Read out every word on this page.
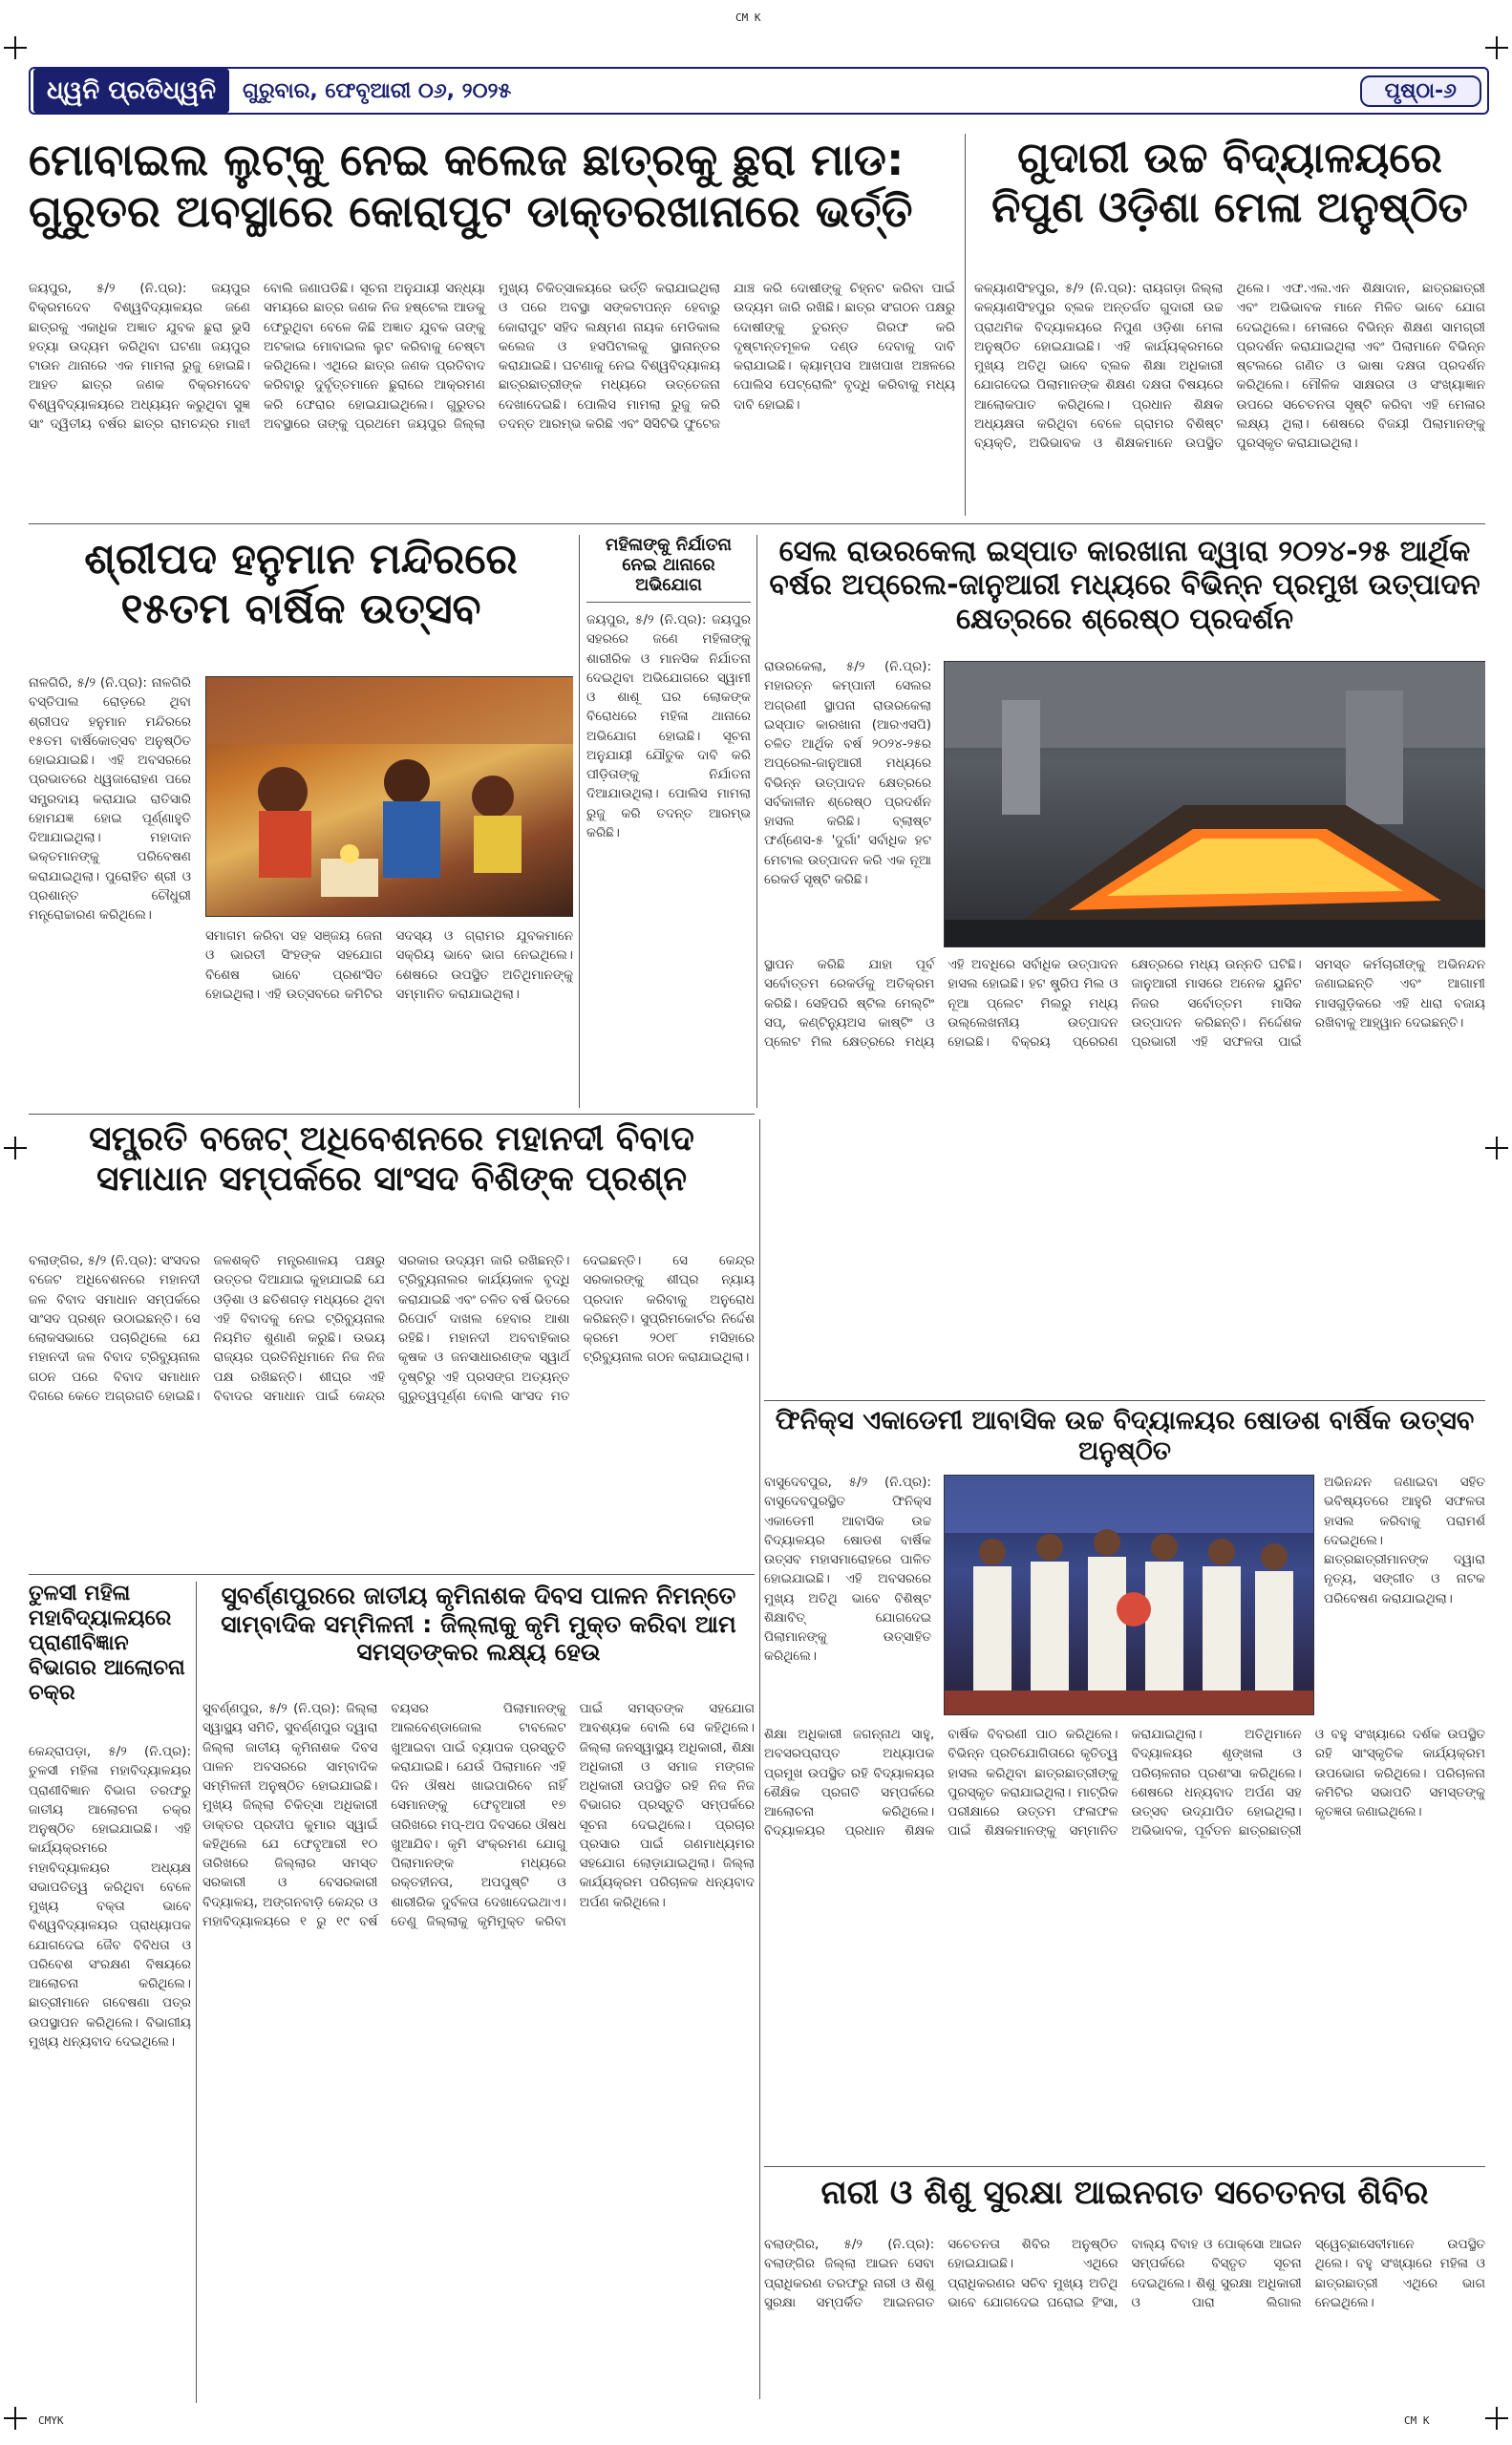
CM K
CMYK	CM K
ଧ୍ୱନି ପ୍ରତିଧ୍ୱନି	ଗୁରୁବାର, ଫେବୃଆରୀ ୦୬, ୨୦୨୫	ପୃଷ୍ଠା-୬
ମୋବାଇଲ ଲୁଟ୍‌କୁ ନେଇ କଲେଜ ଛାତ୍ରକୁ ଛୁରା ମାଡ: ଗୁରୁତର ଅବସ୍ଥାରେ କୋରାପୁଟ ଡାକ୍ତରଖାନାରେ ଭର୍ତ୍ତି
ଜୟପୁର, ୫/୨ (ନି.ପ୍ର): ଜୟପୁର ବିକ୍ରମଦେବ ବିଶ୍ୱବିଦ୍ୟାଳୟର ଜଣେ ଛାତ୍ରକୁ ଏକାଧିକ ଅଜ୍ଞାତ ଯୁବକ ଛୁରା ଭୁସି ହତ୍ୟା ଉଦ୍ୟମ କରିଥିବା ଘଟଣା ଜୟପୁର ଟାଉନ ଥାନାରେ ଏକ ମାମଲା ରୁଜୁ ହୋଇଛି। ଆହତ ଛାତ୍ର ଜଣକ ବିକ୍ରମଦେବ ବିଶ୍ୱବିଦ୍ୟାଳୟରେ ଅଧ୍ୟୟନ କରୁଥିବା ସୁଜ୍ଞ ସାଂ ଦ୍ୱିତୀୟ ବର୍ଷର ଛାତ୍ର ରାମଚନ୍ଦ୍ର ମାଝୀ ବୋଲି ଜଣାପଡିଛି। ସୂଚନା ଅନୁଯାୟୀ ସନ୍ଧ୍ୟା ସମୟରେ ଛାତ୍ର ଜଣକ ନିଜ ହଷ୍ଟେଲ ଆଡକୁ ଫେରୁଥିବା ବେଳେ କିଛି ଅଜ୍ଞାତ ଯୁବକ ତାଙ୍କୁ ଅଟକାଇ ମୋବାଇଲ ଲୁଟ କରିବାକୁ ଚେଷ୍ଟା କରିଥିଲେ। ଏଥିରେ ଛାତ୍ର ଜଣକ ପ୍ରତିବାଦ କରିବାରୁ ଦୁର୍ବୃତ୍ତମାନେ ଛୁରାରେ ଆକ୍ରମଣ କରି ଫେରାର ହୋଇଯାଇଥିଲେ। ଗୁରୁତର ଅବସ୍ଥାରେ ତାଙ୍କୁ ପ୍ରଥମେ ଜୟପୁର ଜିଲ୍ଲା ମୁଖ୍ୟ ଚିକିତ୍ସାଳୟରେ ଭର୍ତ୍ତି କରାଯାଇଥିଲା ଓ ପରେ ଅବସ୍ଥା ସଙ୍କଟାପନ୍ନ ହେବାରୁ କୋରାପୁଟ ସହିଦ ଲକ୍ଷ୍ମଣ ନାୟକ ମେଡିକାଲ କଲେଜ ଓ ହସପିଟାଲକୁ ସ୍ଥାନାନ୍ତର କରାଯାଇଛି। ଘଟଣାକୁ ନେଇ ବିଶ୍ୱବିଦ୍ୟାଳୟ ଛାତ୍ରଛାତ୍ରୀଙ୍କ ମଧ୍ୟରେ ଉତ୍ତେଜନା ଦେଖାଦେଇଛି। ପୋଲିସ ମାମଲା ରୁଜୁ କରି ତଦନ୍ତ ଆରମ୍ଭ କରିଛି ଏବଂ ସିସିଟିଭି ଫୁଟେଜ ଯାଞ୍ଚ କରି ଦୋଷୀଙ୍କୁ ଚିହ୍ନଟ କରିବା ପାଇଁ ଉଦ୍ୟମ ଜାରି ରଖିଛି। ଛାତ୍ର ସଂଗଠନ ପକ୍ଷରୁ ଦୋଷୀଙ୍କୁ ତୁରନ୍ତ ଗିରଫ କରି ଦୃଷ୍ଟାନ୍ତମୂଳକ ଦଣ୍ଡ ଦେବାକୁ ଦାବି କରାଯାଇଛି। କ୍ୟାମ୍ପସ ଆଖପାଖ ଅଞ୍ଚଳରେ ପୋଲିସ ପେଟ୍ରୋଲିଂ ବୃଦ୍ଧି କରିବାକୁ ମଧ୍ୟ ଦାବି ହୋଇଛି।
ଗୁଦାରୀ ଉଚ୍ଚ ବିଦ୍ୟାଳୟରେ ନିପୁଣ ଓଡ଼ିଶା ମେଳା ଅନୁଷ୍ଠିତ
କଳ୍ୟାଣସିଂହପୁର, ୫/୨ (ନି.ପ୍ର): ରାୟଗଡ଼ା ଜିଲ୍ଲା କଳ୍ୟାଣସିଂହପୁର ବ୍ଲକ ଅନ୍ତର୍ଗତ ଗୁଦାରୀ ଉଚ୍ଚ ପ୍ରାଥମିକ ବିଦ୍ୟାଳୟରେ ନିପୁଣ ଓଡ଼ିଶା ମେଳା ଅନୁଷ୍ଠିତ ହୋଇଯାଇଛି। ଏହି କାର୍ଯ୍ୟକ୍ରମରେ ମୁଖ୍ୟ ଅତିଥି ଭାବେ ବ୍ଲକ ଶିକ୍ଷା ଅଧିକାରୀ ଯୋଗଦେଇ ପିଲାମାନଙ୍କ ଶିକ୍ଷଣ ଦକ୍ଷତା ବିଷୟରେ ଆଲୋକପାତ କରିଥିଲେ। ପ୍ରଧାନ ଶିକ୍ଷକ ଅଧ୍ୟକ୍ଷତା କରିଥିବା ବେଳେ ଗ୍ରାମର ବିଶିଷ୍ଟ ବ୍ୟକ୍ତି, ଅଭିଭାବକ ଓ ଶିକ୍ଷକମାନେ ଉପସ୍ଥିତ ଥିଲେ। ଏଫ.ଏଲ.ଏନ ଶିକ୍ଷାଦାନ, ଛାତ୍ରଛାତ୍ରୀ ଏବଂ ଅଭିଭାବକ ମାନେ ମିଳିତ ଭାବେ ଯୋଗ ଦେଇଥିଲେ। ମେଳାରେ ବିଭିନ୍ନ ଶିକ୍ଷଣ ସାମଗ୍ରୀ ପ୍ରଦର୍ଶନ କରାଯାଇଥିଲା ଏବଂ ପିଲାମାନେ ବିଭିନ୍ନ ଷ୍ଟଲରେ ଗଣିତ ଓ ଭାଷା ଦକ୍ଷତା ପ୍ରଦର୍ଶନ କରିଥିଲେ। ମୌଳିକ ସାକ୍ଷରତା ଓ ସଂଖ୍ୟାଜ୍ଞାନ ଉପରେ ସଚେତନତା ସୃଷ୍ଟି କରିବା ଏହି ମେଳାର ଲକ୍ଷ୍ୟ ଥିଲା। ଶେଷରେ ବିଜୟୀ ପିଲାମାନଙ୍କୁ ପୁରସ୍କୃତ କରାଯାଇଥିଲା।
ଶ୍ରୀପଦ ହନୁମାନ ମନ୍ଦିରରେ ୧୫ତମ ବାର୍ଷିକ ଉତ୍ସବ
ନାଳଗିରି, ୫/୨ (ନି.ପ୍ର): ନାଳଗିରି ବସ୍ତିପାଲ ରୋଡ଼ରେ ଥିବା ଶ୍ରୀପଦ ହନୁମାନ ମନ୍ଦିରରେ ୧୫ତମ ବାର୍ଷିକୋତ୍ସବ ଅନୁଷ୍ଠିତ ହୋଇଯାଇଛି। ଏହି ଅବସରରେ ପ୍ରଭାତରେ ଧ୍ୱଜାରୋହଣ ପରେ ସମ୍ପ୍ରଦାୟ କରାଯାଇ ରାତିସାରି ହୋମଯଜ୍ଞ ହୋଇ ପୂର୍ଣ୍ଣାହୁତି ଦିଆଯାଇଥିଲା। ମହାଦାନ ଭକ୍ତମାନଙ୍କୁ ପରିବେଷଣ କରାଯାଇଥିଲା। ପୁରୋହିତ ଶ୍ରୀ ଓ ପ୍ରଶାନ୍ତ ଚୌଧୁରୀ ମନ୍ତ୍ରୋଚ୍ଚାରଣ କରିଥିଲେ।
ସମାଗମ କରିବା ସହ ସଞ୍ଜୟ ଜେନା ଓ ଭାରତୀ ସିଂହଙ୍କ ସହଯୋଗ ବିଶେଷ ଭାବେ ପ୍ରଶଂସିତ ହୋଇଥିଲା। ଏହି ଉତ୍ସବରେ କମିଟିର ସଦସ୍ୟ ଓ ଗ୍ରାମର ଯୁବକମାନେ ସକ୍ରିୟ ଭାବେ ଭାଗ ନେଇଥିଲେ। ଶେଷରେ ଉପସ୍ଥିତ ଅତିଥିମାନଙ୍କୁ ସମ୍ମାନିତ କରାଯାଇଥିଲା।
ମହିଳାଙ୍କୁ ନିର୍ଯାତନା ନେଇ ଥାନାରେ ଅଭିଯୋଗ
ଜୟପୁର, ୫/୨ (ନି.ପ୍ର): ଜୟପୁର ସହରରେ ଜଣେ ମହିଳାଙ୍କୁ ଶାରୀରିକ ଓ ମାନସିକ ନିର୍ଯାତନା ଦେଇଥିବା ଅଭିଯୋଗରେ ସ୍ୱାମୀ ଓ ଶାଶୂ ଘର ଲୋକଙ୍କ ବିରୋଧରେ ମହିଳା ଥାନାରେ ଅଭିଯୋଗ ହୋଇଛି। ସୂଚନା ଅନୁଯାୟୀ ଯୌତୁକ ଦାବି କରି ପୀଡ଼ିତାଙ୍କୁ ନିର୍ଯାତନା ଦିଆଯାଉଥିଲା। ପୋଲିସ ମାମଲା ରୁଜୁ କରି ତଦନ୍ତ ଆରମ୍ଭ କରିଛି।
ସେଲ ରାଉରକେଲା ଇସ୍ପାତ କାରଖାନା ଦ୍ୱାରା ୨୦୨୪-୨୫ ଆର୍ଥିକ ବର୍ଷର ଅପ୍ରେଲ-ଜାନୁଆରୀ ମଧ୍ୟରେ ବିଭିନ୍ନ ପ୍ରମୁଖ ଉତ୍ପାଦନ କ୍ଷେତ୍ରରେ ଶ୍ରେଷ୍ଠ ପ୍ରଦର୍ଶନ
ରାଉରକେଲା, ୫/୨ (ନି.ପ୍ର): ମହାରତ୍ନ କମ୍ପାନୀ ସେଲର ଅଗ୍ରଣୀ ସ୍ଥାପନା ରାଉରକେଲା ଇସ୍ପାତ କାରଖାନା (ଆରଏସପି) ଚଳିତ ଆର୍ଥିକ ବର୍ଷ ୨୦୨୪-୨୫ର ଅପ୍ରେଲ-ଜାନୁଆରୀ ମଧ୍ୟରେ ବିଭିନ୍ନ ଉତ୍ପାଦନ କ୍ଷେତ୍ରରେ ସର୍ବକାଳୀନ ଶ୍ରେଷ୍ଠ ପ୍ରଦର୍ଶନ ହାସଲ କରିଛି। ବ୍ଲାଷ୍ଟ ଫର୍ଣ୍ଣେସ-୫ 'ଦୁର୍ଗା' ସର୍ବାଧିକ ହଟ ମେଟାଲ ଉତ୍ପାଦନ କରି ଏକ ନୂଆ ରେକର୍ଡ ସୃଷ୍ଟି କରିଛି।
ସ୍ଥାପନ କରିଛି ଯାହା ପୂର୍ବ ସର୍ବୋତ୍ତମ ରେକର୍ଡକୁ ଅତିକ୍ରମ କରିଛି। ସେହିପରି ଷ୍ଟିଲ ମେଲ୍ଟିଂ ସପ୍, କଣ୍ଟିନ୍ୟୁଅସ କାଷ୍ଟିଂ ଓ ପ୍ଲେଟ ମିଲ କ୍ଷେତ୍ରରେ ମଧ୍ୟ ଏହି ଅବଧିରେ ସର୍ବାଧିକ ଉତ୍ପାଦନ ହାସଲ ହୋଇଛି। ହଟ ଷ୍ଟ୍ରିପ ମିଲ ଓ ନୂଆ ପ୍ଲେଟ ମିଲରୁ ମଧ୍ୟ ଉଲ୍ଲେଖନୀୟ ଉତ୍ପାଦନ ହୋଇଛି। ବିକ୍ରୟ ପ୍ରେରଣ କ୍ଷେତ୍ରରେ ମଧ୍ୟ ଉନ୍ନତି ଘଟିଛି। ଜାନୁଆରୀ ମାସରେ ଅନେକ ୟୁନିଟ ନିଜର ସର୍ବୋତ୍ତମ ମାସିକ ଉତ୍ପାଦନ କରିଛନ୍ତି। ନିର୍ଦ୍ଦେଶକ ପ୍ରଭାରୀ ଏହି ସଫଳତା ପାଇଁ ସମସ୍ତ କର୍ମଚାରୀଙ୍କୁ ଅଭିନନ୍ଦନ ଜଣାଇଛନ୍ତି ଏବଂ ଆଗାମୀ ମାସଗୁଡ଼ିକରେ ଏହି ଧାରା ବଜାୟ ରଖିବାକୁ ଆହ୍ୱାନ ଦେଇଛନ୍ତି।
ସମ୍ପ୍ରତି ବଜେଟ୍ ଅଧିବେଶନରେ ମହାନଦୀ ବିବାଦ ସମାଧାନ ସମ୍ପର୍କରେ ସାଂସଦ ବିଶିଙ୍କ ପ୍ରଶ୍ନ
ବଲାଙ୍ଗିର, ୫/୨ (ନି.ପ୍ର): ସଂସଦର ବଜେଟ ଅଧିବେଶନରେ ମହାନଦୀ ଜଳ ବିବାଦ ସମାଧାନ ସମ୍ପର୍କରେ ସାଂସଦ ପ୍ରଶ୍ନ ଉଠାଇଛନ୍ତି। ସେ ଲୋକସଭାରେ ପଚାରିଥିଲେ ଯେ ମହାନଦୀ ଜଳ ବିବାଦ ଟ୍ରିବ୍ୟୁନାଲ ଗଠନ ପରେ ବିବାଦ ସମାଧାନ ଦିଗରେ କେତେ ଅଗ୍ରଗତି ହୋଇଛି। ଜଳଶକ୍ତି ମନ୍ତ୍ରଣାଳୟ ପକ୍ଷରୁ ଉତ୍ତର ଦିଆଯାଇ କୁହାଯାଇଛି ଯେ ଓଡ଼ିଶା ଓ ଛତିଶଗଡ଼ ମଧ୍ୟରେ ଥିବା ଏହି ବିବାଦକୁ ନେଇ ଟ୍ରିବ୍ୟୁନାଲ ନିୟମିତ ଶୁଣାଣି କରୁଛି। ଉଭୟ ରାଜ୍ୟର ପ୍ରତିନିଧିମାନେ ନିଜ ନିଜ ପକ୍ଷ ରଖିଛନ୍ତି। ଶୀଘ୍ର ଏହି ବିବାଦର ସମାଧାନ ପାଇଁ କେନ୍ଦ୍ର ସରକାର ଉଦ୍ୟମ ଜାରି ରଖିଛନ୍ତି। ଟ୍ରିବ୍ୟୁନାଲର କାର୍ଯ୍ୟକାଳ ବୃଦ୍ଧି କରାଯାଇଛି ଏବଂ ଚଳିତ ବର୍ଷ ଭିତରେ ରିପୋର୍ଟ ଦାଖଲ ହେବାର ଆଶା ରହିଛି। ମହାନଦୀ ଅବବାହିକାର କୃଷକ ଓ ଜନସାଧାରଣଙ୍କ ସ୍ୱାର୍ଥ ଦୃଷ୍ଟିରୁ ଏହି ପ୍ରସଙ୍ଗ ଅତ୍ୟନ୍ତ ଗୁରୁତ୍ୱପୂର୍ଣ୍ଣ ବୋଲି ସାଂସଦ ମତ ଦେଇଛନ୍ତି। ସେ କେନ୍ଦ୍ର ସରକାରଙ୍କୁ ଶୀଘ୍ର ନ୍ୟାୟ ପ୍ରଦାନ କରିବାକୁ ଅନୁରୋଧ କରିଛନ୍ତି। ସୁପ୍ରିମକୋର୍ଟର ନିର୍ଦ୍ଦେଶ କ୍ରମେ ୨୦୧୮ ମସିହାରେ ଟ୍ରିବ୍ୟୁନାଲ ଗଠନ କରାଯାଇଥିଲା।
ଫିନିକ୍ସ ଏକାଡେମୀ ଆବାସିକ ଉଚ୍ଚ ବିଦ୍ୟାଳୟର ଷୋଡଶ ବାର୍ଷିକ ଉତ୍ସବ ଅନୁଷ୍ଠିତ
ବାସୁଦେବପୁର, ୫/୨ (ନି.ପ୍ର): ବାସୁଦେବପୁରସ୍ଥିତ ଫିନିକ୍ସ ଏକାଡେମୀ ଆବାସିକ ଉଚ୍ଚ ବିଦ୍ୟାଳୟର ଷୋଡଶ ବାର୍ଷିକ ଉତ୍ସବ ମହାସମାରୋହରେ ପାଳିତ ହୋଇଯାଇଛି। ଏହି ଅବସରରେ ମୁଖ୍ୟ ଅତିଥି ଭାବେ ବିଶିଷ୍ଟ ଶିକ୍ଷାବିତ୍ ଯୋଗଦେଇ ପିଲାମାନଙ୍କୁ ଉତ୍ସାହିତ କରିଥିଲେ।
ଅଭିନନ୍ଦନ ଜଣାଇବା ସହିତ ଭବିଷ୍ୟତରେ ଆହୁରି ସଫଳତା ହାସଲ କରିବାକୁ ପରାମର୍ଶ ଦେଇଥିଲେ। ଛାତ୍ରଛାତ୍ରୀମାନଙ୍କ ଦ୍ୱାରା ନୃତ୍ୟ, ସଙ୍ଗୀତ ଓ ନାଟକ ପରିବେଷଣ କରାଯାଇଥିଲା।
ଶିକ୍ଷା ଅଧିକାରୀ ଜଗନ୍ନାଥ ସାହୁ, ଅବସରପ୍ରାପ୍ତ ଅଧ୍ୟାପକ ପ୍ରମୁଖ ଉପସ୍ଥିତ ରହି ବିଦ୍ୟାଳୟର ଶୈକ୍ଷିକ ପ୍ରଗତି ସମ୍ପର୍କରେ ଆଲୋଚନା କରିଥିଲେ। ବିଦ୍ୟାଳୟର ପ୍ରଧାନ ଶିକ୍ଷକ ବାର୍ଷିକ ବିବରଣୀ ପାଠ କରିଥିଲେ। ବିଭିନ୍ନ ପ୍ରତିଯୋଗିତାରେ କୃତିତ୍ୱ ହାସଲ କରିଥିବା ଛାତ୍ରଛାତ୍ରୀଙ୍କୁ ପୁରସ୍କୃତ କରାଯାଇଥିଲା। ମାଟ୍ରିକ ପରୀକ୍ଷାରେ ଉତ୍ତମ ଫଳାଫଳ ପାଇଁ ଶିକ୍ଷକମାନଙ୍କୁ ସମ୍ମାନିତ କରାଯାଇଥିଲା। ଅତିଥିମାନେ ବିଦ୍ୟାଳୟର ଶୃଙ୍ଖଳା ଓ ପରିଚାଳନାର ପ୍ରଶଂସା କରିଥିଲେ। ଶେଷରେ ଧନ୍ୟବାଦ ଅର୍ପଣ ସହ ଉତ୍ସବ ଉଦ୍ଯାପିତ ହୋଇଥିଲା। ଅଭିଭାବକ, ପୂର୍ବତନ ଛାତ୍ରଛାତ୍ରୀ ଓ ବହୁ ସଂଖ୍ୟାରେ ଦର୍ଶକ ଉପସ୍ଥିତ ରହି ସାଂସ୍କୃତିକ କାର୍ଯ୍ୟକ୍ରମ ଉପଭୋଗ କରିଥିଲେ। ପରିଚାଳନା କମିଟିର ସଭାପତି ସମସ୍ତଙ୍କୁ କୃତଜ୍ଞତା ଜଣାଇଥିଲେ।
ତୁଳସୀ ମହିଳା ମହାବିଦ୍ୟାଳୟରେ ପ୍ରାଣୀବିଜ୍ଞାନ ବିଭାଗର ଆଲୋଚନା ଚକ୍ର
କେନ୍ଦ୍ରାପଡ଼ା, ୫/୨ (ନି.ପ୍ର): ତୁଳସୀ ମହିଳା ମହାବିଦ୍ୟାଳୟର ପ୍ରାଣୀବିଜ୍ଞାନ ବିଭାଗ ତରଫରୁ ଜାତୀୟ ଆଲୋଚନା ଚକ୍ର ଅନୁଷ୍ଠିତ ହୋଇଯାଇଛି। ଏହି କାର୍ଯ୍ୟକ୍ରମରେ ମହାବିଦ୍ୟାଳୟର ଅଧ୍ୟକ୍ଷ ସଭାପତିତ୍ୱ କରିଥିବା ବେଳେ ମୁଖ୍ୟ ବକ୍ତା ଭାବେ ବିଶ୍ୱବିଦ୍ୟାଳୟର ପ୍ରାଧ୍ୟାପକ ଯୋଗଦେଇ ଜୈବ ବିବିଧତା ଓ ପରିବେଶ ସଂରକ୍ଷଣ ବିଷୟରେ ଆଲୋଚନା କରିଥିଲେ। ଛାତ୍ରୀମାନେ ଗବେଷଣା ପତ୍ର ଉପସ୍ଥାପନ କରିଥିଲେ। ବିଭାଗୀୟ ମୁଖ୍ୟ ଧନ୍ୟବାଦ ଦେଇଥିଲେ।
ସୁବର୍ଣ୍ଣପୁରରେ ଜାତୀୟ କୃମିନାଶକ ଦିବସ ପାଳନ ନିମନ୍ତେ ସାମ୍ବାଦିକ ସମ୍ମିଳନୀ : ଜିଲ୍ଲାକୁ କୃମି ମୁକ୍ତ କରିବା ଆମ ସମସ୍ତଙ୍କର ଲକ୍ଷ୍ୟ ହେଉ
ସୁବର୍ଣ୍ଣପୁର, ୫/୨ (ନି.ପ୍ର): ଜିଲ୍ଲା ସ୍ୱାସ୍ଥ୍ୟ ସମିତି, ସୁବର୍ଣ୍ଣପୁର ଦ୍ୱାରା ଜିଲ୍ଲା ଜାତୀୟ କୃମିନାଶକ ଦିବସ ପାଳନ ଅବସରରେ ସାମ୍ବାଦିକ ସମ୍ମିଳନୀ ଅନୁଷ୍ଠିତ ହୋଇଯାଇଛି। ମୁଖ୍ୟ ଜିଲ୍ଲା ଚିକିତ୍ସା ଅଧିକାରୀ ଡାକ୍ତର ପ୍ରଦୀପ କୁମାର ସ୍ୱାଇଁ କହିଥିଲେ ଯେ ଫେବୃଆରୀ ୧୦ ତାରିଖରେ ଜିଲ୍ଲାର ସମସ୍ତ ସରକାରୀ ଓ ବେସରକାରୀ ବିଦ୍ୟାଳୟ, ଅଙ୍ଗନବାଡ଼ି କେନ୍ଦ୍ର ଓ ମହାବିଦ୍ୟାଳୟରେ ୧ ରୁ ୧୯ ବର୍ଷ ବୟସର ପିଲାମାନଙ୍କୁ ଆଲବେଣ୍ଡାଜୋଲ ଟାବଲେଟ ଖୁଆଇବା ପାଇଁ ବ୍ୟାପକ ପ୍ରସ୍ତୁତି କରାଯାଇଛି। ଯେଉଁ ପିଲାମାନେ ଏହି ଦିନ ଔଷଧ ଖାଇପାରିବେ ନାହିଁ ସେମାନଙ୍କୁ ଫେବୃଆରୀ ୧୭ ତାରିଖରେ ମପ୍-ଅପ ଦିବସରେ ଔଷଧ ଖୁଆଯିବ। କୃମି ସଂକ୍ରମଣ ଯୋଗୁ ପିଲାମାନଙ୍କ ମଧ୍ୟରେ ରକ୍ତହୀନତା, ଅପପୁଷ୍ଟି ଓ ଶାରୀରିକ ଦୁର୍ବଳତା ଦେଖାଦେଇଥାଏ। ତେଣୁ ଜିଲ୍ଲାକୁ କୃମିମୁକ୍ତ କରିବା ପାଇଁ ସମସ୍ତଙ୍କ ସହଯୋଗ ଆବଶ୍ୟକ ବୋଲି ସେ କହିଥିଲେ। ଜିଲ୍ଲା ଜନସ୍ୱାସ୍ଥ୍ୟ ଅଧିକାରୀ, ଶିକ୍ଷା ଅଧିକାରୀ ଓ ସମାଜ ମଙ୍ଗଳ ଅଧିକାରୀ ଉପସ୍ଥିତ ରହି ନିଜ ନିଜ ବିଭାଗର ପ୍ରସ୍ତୁତି ସମ୍ପର୍କରେ ସୂଚନା ଦେଇଥିଲେ। ପ୍ରଚାର ପ୍ରସାର ପାଇଁ ଗଣମାଧ୍ୟମର ସହଯୋଗ ଲୋଡ଼ାଯାଇଥିଲା। ଜିଲ୍ଲା କାର୍ଯ୍ୟକ୍ରମ ପରିଚାଳକ ଧନ୍ୟବାଦ ଅର୍ପଣ କରିଥିଲେ।
ନାରୀ ଓ ଶିଶୁ ସୁରକ୍ଷା ଆଇନଗତ ସଚେତନତା ଶିବିର
ବଲାଙ୍ଗିର, ୫/୨ (ନି.ପ୍ର): ବଲାଙ୍ଗିର ଜିଲ୍ଲା ଆଇନ ସେବା ପ୍ରାଧିକରଣ ତରଫରୁ ନାରୀ ଓ ଶିଶୁ ସୁରକ୍ଷା ସମ୍ପର୍କିତ ଆଇନଗତ ସଚେତନତା ଶିବିର ଅନୁଷ୍ଠିତ ହୋଇଯାଇଛି। ଏଥିରେ ପ୍ରାଧିକରଣର ସଚିବ ମୁଖ୍ୟ ଅତିଥି ଭାବେ ଯୋଗଦେଇ ଘରୋଇ ହିଂସା, ବାଲ୍ୟ ବିବାହ ଓ ପୋକ୍ସୋ ଆଇନ ସମ୍ପର୍କରେ ବିସ୍ତୃତ ସୂଚନା ଦେଇଥିଲେ। ଶିଶୁ ସୁରକ୍ଷା ଅଧିକାରୀ ଓ ପାରା ଲିଗାଲ ସ୍ୱେଚ୍ଛାସେବୀମାନେ ଉପସ୍ଥିତ ଥିଲେ। ବହୁ ସଂଖ୍ୟାରେ ମହିଳା ଓ ଛାତ୍ରଛାତ୍ରୀ ଏଥିରେ ଭାଗ ନେଇଥିଲେ।
